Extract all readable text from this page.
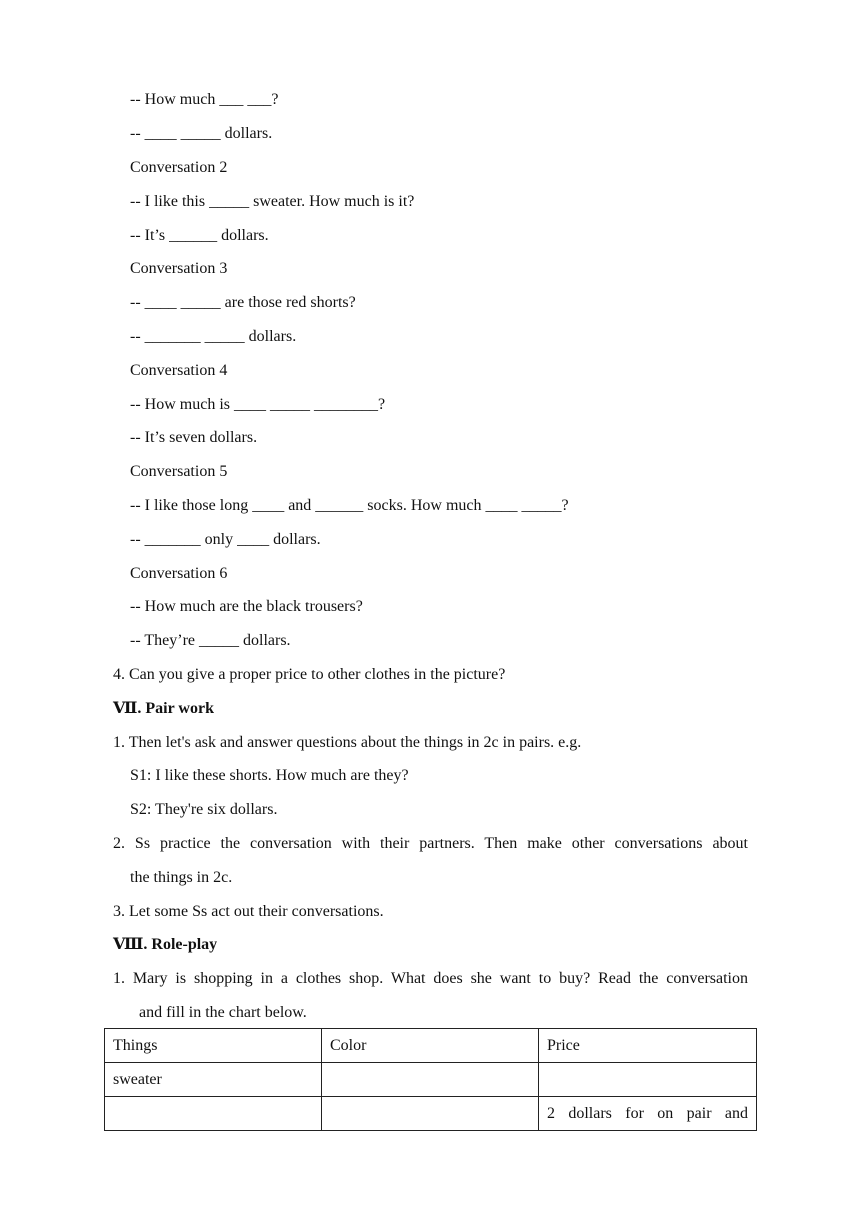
-- How much ___ ___?
-- ____ _____ dollars.
Conversation 2
-- I like this _____ sweater. How much is it?
-- It’s ______ dollars.
Conversation 3
-- ____ _____ are those red shorts?
-- _______ _____ dollars.
Conversation 4
-- How much is ____ _____ ________?
-- It’s seven dollars.
Conversation 5
-- I like those long ____ and ______ socks. How much ____ _____?
-- _______ only ____ dollars.
Conversation 6
-- How much are the black trousers?
-- They’re _____ dollars.
4. Can you give a proper price to other clothes in the picture?
Ⅶ. Pair work
1. Then let's ask and answer questions about the things in 2c in pairs. e.g.
S1: I like these shorts. How much are they?
S2: They're six dollars.
2. Ss practice the conversation with their partners. Then make other conversations about
the things in 2c.
3. Let some Ss act out their conversations.
Ⅷ. Role-play
1. Mary is shopping in a clothes shop. What does she want to buy? Read the conversation
and fill in the chart below.
Things	Color	Price
sweater		

		2 dollars for on pair and
